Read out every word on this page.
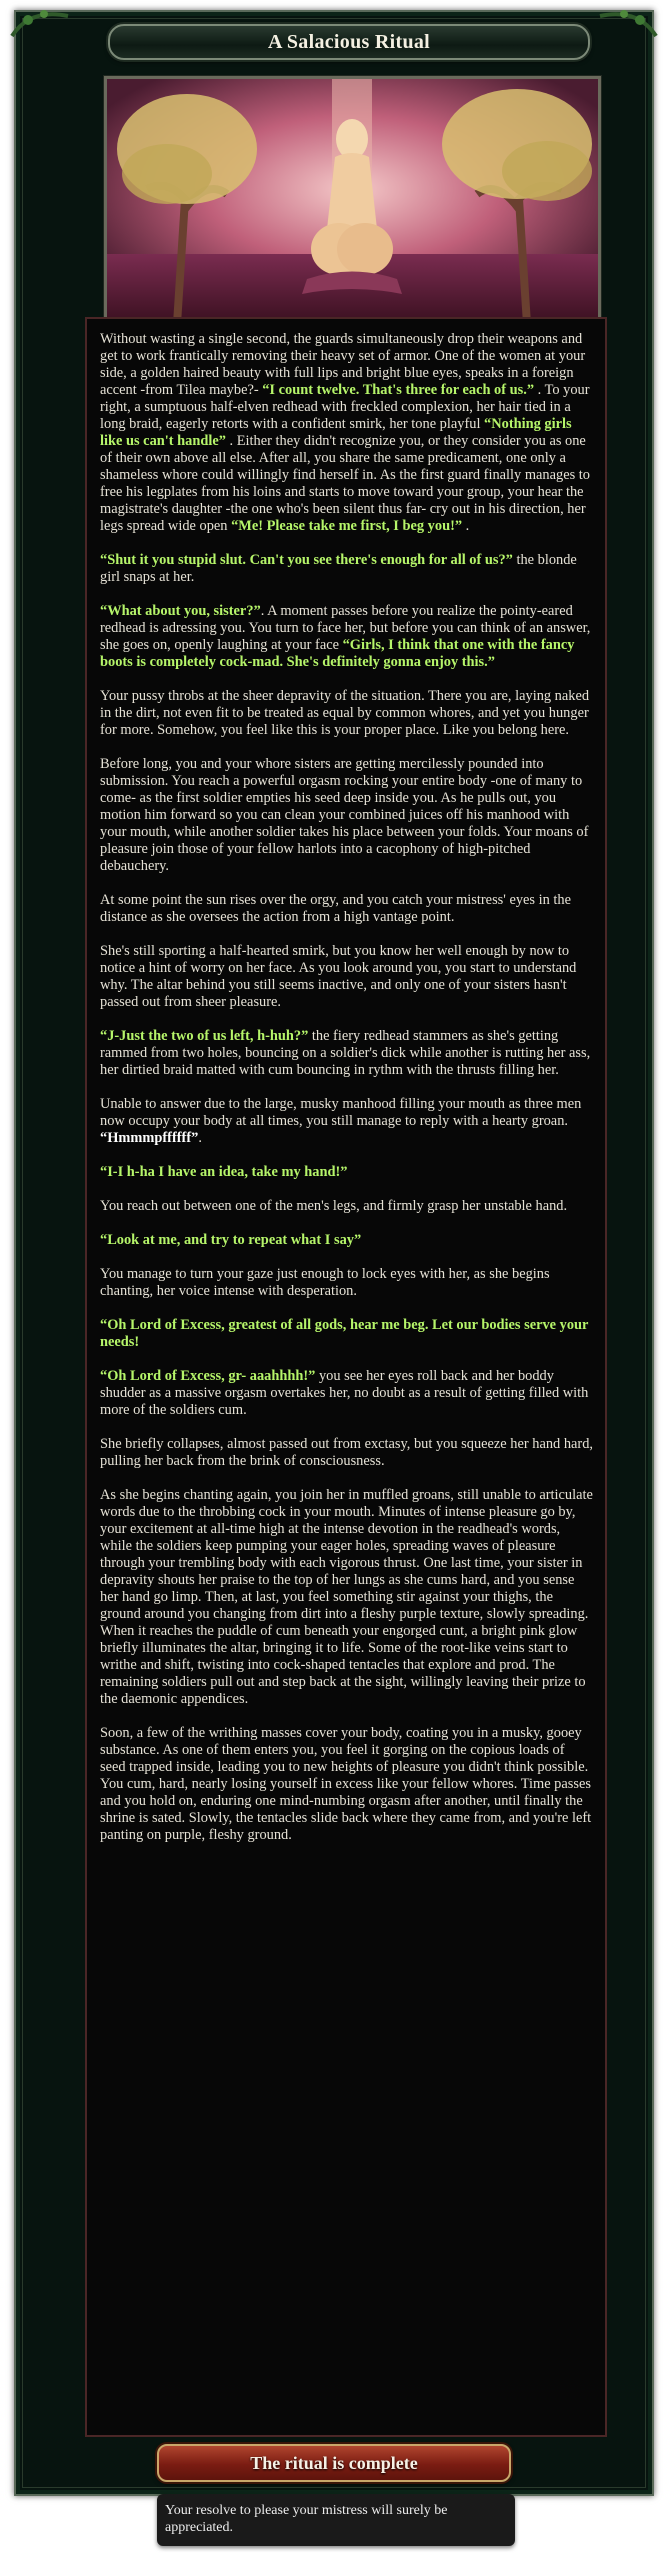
A Salacious Ritual

Without wasting a single second, the guards simultaneously drop their weapons and get to work frantically removing their heavy set of armor. One of the women at your side, a golden haired beauty with full lips and bright blue eyes, speaks in a foreign accent -from Tilea maybe?- “I count twelve. That's three for each of us.” . To your right, a sumptuous half-elven redhead with freckled complexion, her hair tied in a long braid, eagerly retorts with a confident smirk, her tone playful “Nothing girls like us can't handle” . Either they didn't recognize you, or they consider you as one of their own above all else. After all, you share the same predicament, one only a shameless whore could willingly find herself in. As the first guard finally manages to free his legplates from his loins and starts to move toward your group, your hear the magistrate's daughter -the one who's been silent thus far- cry out in his direction, her legs spread wide open “Me! Please take me first, I beg you!” .

“Shut it you stupid slut. Can't you see there's enough for all of us?” the blonde girl snaps at her.

“What about you, sister?”. A moment passes before you realize the pointy-eared redhead is adressing you. You turn to face her, but before you can think of an answer, she goes on, openly laughing at your face “Girls, I think that one with the fancy boots is completely cock-mad. She's definitely gonna enjoy this.”

Your pussy throbs at the sheer depravity of the situation. There you are, laying naked in the dirt, not even fit to be treated as equal by common whores, and yet you hunger for more. Somehow, you feel like this is your proper place. Like you belong here.

Before long, you and your whore sisters are getting mercilessly pounded into submission. You reach a powerful orgasm rocking your entire body -one of many to come- as the first soldier empties his seed deep inside you. As he pulls out, you motion him forward so you can clean your combined juices off his manhood with your mouth, while another soldier takes his place between your folds. Your moans of pleasure join those of your fellow harlots into a cacophony of high-pitched debauchery.

At some point the sun rises over the orgy, and you catch your mistress' eyes in the distance as she oversees the action from a high vantage point.

She's still sporting a half-hearted smirk, but you know her well enough by now to notice a hint of worry on her face. As you look around you, you start to understand why. The altar behind you still seems inactive, and only one of your sisters hasn't passed out from sheer pleasure.

“J-Just the two of us left, h-huh?” the fiery redhead stammers as she's getting rammed from two holes, bouncing on a soldier's dick while another is rutting her ass, her dirtied braid matted with cum bouncing in rythm with the thrusts filling her.

Unable to answer due to the large, musky manhood filling your mouth as three men now occupy your body at all times, you still manage to reply with a hearty groan. “Hmmmpffffff”.

“I-I h-ha I have an idea, take my hand!”

You reach out between one of the men's legs, and firmly grasp her unstable hand.

“Look at me, and try to repeat what I say”

You manage to turn your gaze just enough to lock eyes with her, as she begins chanting, her voice intense with desperation.

“Oh Lord of Excess, greatest of all gods, hear me beg. Let our bodies serve your needs!

“Oh Lord of Excess, gr- aaahhhh!” you see her eyes roll back and her boddy shudder as a massive orgasm overtakes her, no doubt as a result of getting filled with more of the soldiers cum.

She briefly collapses, almost passed out from exctasy, but you squeeze her hand hard, pulling her back from the brink of consciousness.

As she begins chanting again, you join her in muffled groans, still unable to articulate words due to the throbbing cock in your mouth. Minutes of intense pleasure go by, your excitement at all-time high at the intense devotion in the readhead's words, while the soldiers keep pumping your eager holes, spreading waves of pleasure through your trembling body with each vigorous thrust. One last time, your sister in depravity shouts her praise to the top of her lungs as she cums hard, and you sense her hand go limp. Then, at last, you feel something stir against your thighs, the ground around you changing from dirt into a fleshy purple texture, slowly spreading. When it reaches the puddle of cum beneath your engorged cunt, a bright pink glow briefly illuminates the altar, bringing it to life. Some of the root-like veins start to writhe and shift, twisting into cock-shaped tentacles that explore and prod. The remaining soldiers pull out and step back at the sight, willingly leaving their prize to the daemonic appendices.

Soon, a few of the writhing masses cover your body, coating you in a musky, gooey substance. As one of them enters you, you feel it gorging on the copious loads of seed trapped inside, leading you to new heights of pleasure you didn't think possible. You cum, hard, nearly losing yourself in excess like your fellow whores. Time passes and you hold on, enduring one mind-numbing orgasm after another, until finally the shrine is sated. Slowly, the tentacles slide back where they came from, and you're left panting on purple, fleshy ground.

The ritual is complete
Your resolve to please your mistress will surely be appreciated.
